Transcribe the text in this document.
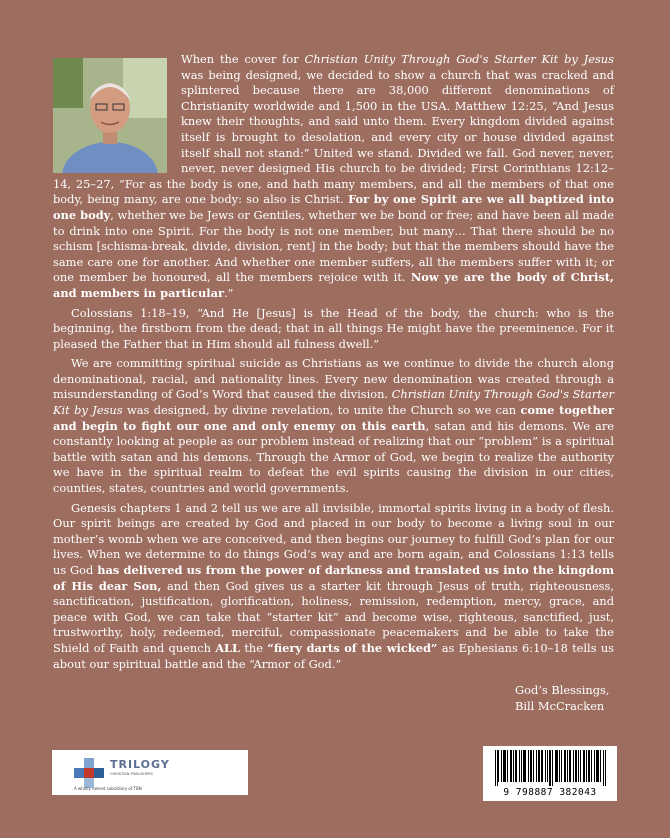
When the cover for Christian Unity Through God's Starter Kit by Jesus was being designed, we decided to show a church that was cracked and splintered because there are 38,000 different denominations of Christianity worldwide and 1,500 in the USA. Matthew 12:25, “And Jesus knew their thoughts, and said unto them. Every kingdom divided against itself is brought to desolation, and every city or house divided against itself shall not stand:” United we stand. Divided we fall. God never, never, never, never designed His church to be divided; First Corinthians 12:12–14, 25–27, “For as the body is one, and hath many members, and all the members of that one body, being many, are one body: so also is Christ. For by one Spirit are we all baptized into one body, whether we be Jews or Gentiles, whether we be bond or free; and have been all made to drink into one Spirit. For the body is not one member, but many… That there should be no schism [schisma-break, divide, division, rent] in the body; but that the members should have the same care one for another. And whether one member suffers, all the members suffer with it; or one member be honoured, all the members rejoice with it. Now ye are the body of Christ, and members in particular.”

Colossians 1:18–19, “And He [Jesus] is the Head of the body, the church: who is the beginning, the firstborn from the dead; that in all things He might have the preeminence. For it pleased the Father that in Him should all fulness dwell.”

We are committing spiritual suicide as Christians as we continue to divide the church along denominational, racial, and nationality lines. Every new denomination was created through a misunderstanding of God’s Word that caused the division. Christian Unity Through God's Starter Kit by Jesus was designed, by divine revelation, to unite the Church so we can come together and begin to fight our one and only enemy on this earth, satan and his demons. We are constantly looking at people as our problem instead of realizing that our “problem” is a spiritual battle with satan and his demons. Through the Armor of God, we begin to realize the authority we have in the spiritual realm to defeat the evil spirits causing the division in our cities, counties, states, countries and world governments.

Genesis chapters 1 and 2 tell us we are all invisible, immortal spirits living in a body of flesh. Our spirit beings are created by God and placed in our body to become a living soul in our mother’s womb when we are conceived, and then begins our journey to fulfill God’s plan for our lives. When we determine to do things God’s way and are born again, and Colossians 1:13 tells us God has delivered us from the power of darkness and translated us into the kingdom of His dear Son, and then God gives us a starter kit through Jesus of truth, righteousness, sanctification, justification, glorification, holiness, remission, redemption, mercy, grace, and peace with God, we can take that “starter kit” and become wise, righteous, sanctified, just, trustworthy, holy, redeemed, merciful, compassionate peacemakers and be able to take the Shield of Faith and quench ALL the “fiery darts of the wicked” as Ephesians 6:10–18 tells us about our spiritual battle and the “Armor of God.”

God’s Blessings,
Bill McCracken
TRILOGY
CHRISTIAN PUBLISHERS
A wholly owned subsidiary of TBN	9 798887 382043
